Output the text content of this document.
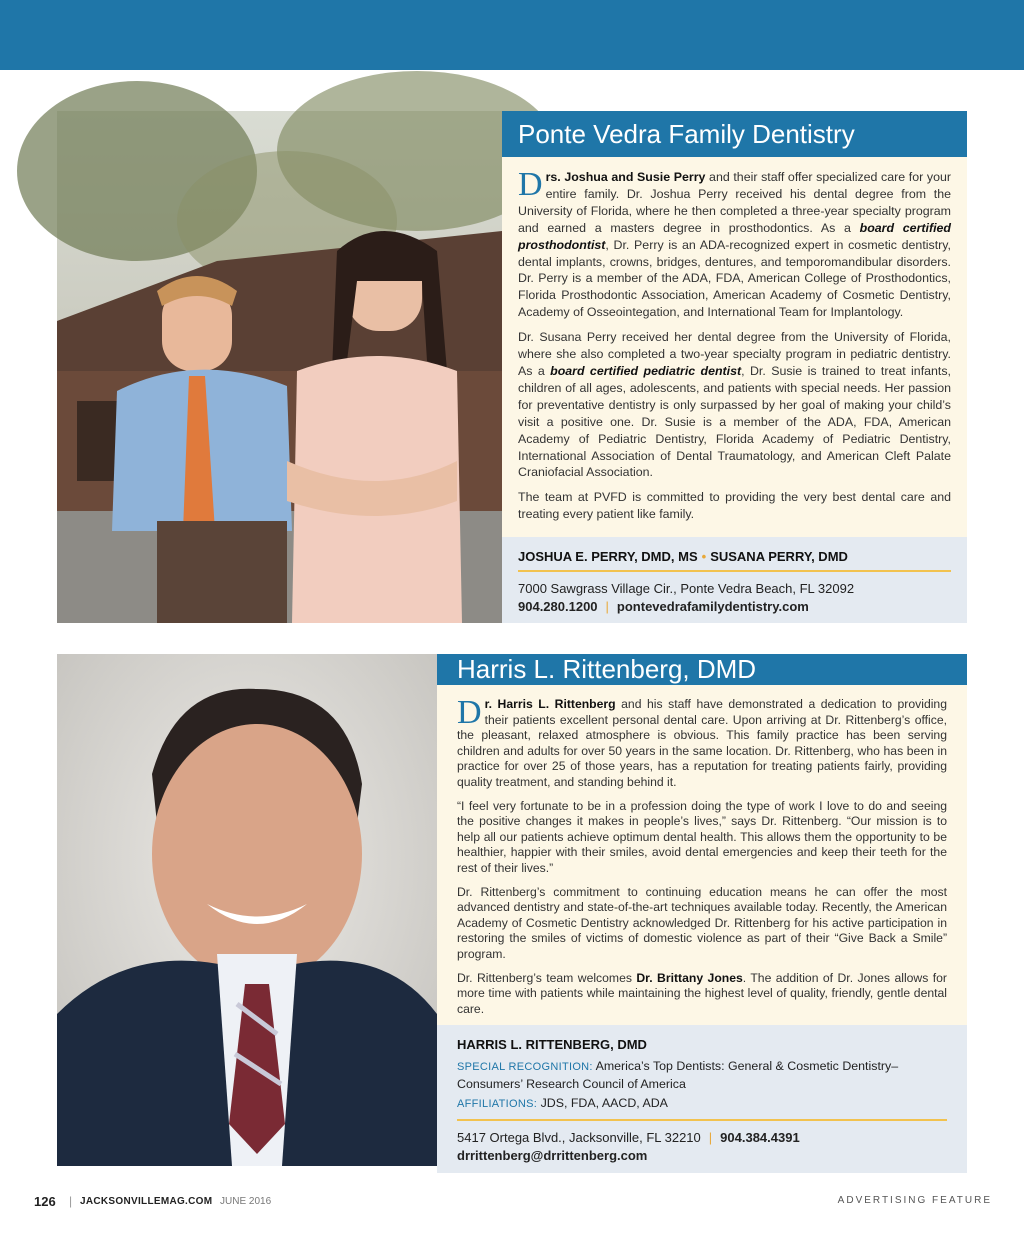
Ponte Vedra Family Dentistry

Drs. Joshua and Susie Perry and their staff offer specialized care for your entire family. Dr. Joshua Perry received his dental degree from the University of Florida, where he then completed a three-year specialty program and earned a masters degree in prosthodontics. As a board certified prosthodontist, Dr. Perry is an ADA-recognized expert in cosmetic dentistry, dental implants, crowns, bridges, dentures, and temporomandibular disorders. Dr. Perry is a member of the ADA, FDA, American College of Prosthodontics, Florida Prosthodontic Association, American Academy of Cosmetic Dentistry, Academy of Osseointegation, and International Team for Implantology.

Dr. Susana Perry received her dental degree from the University of Florida, where she also completed a two-year specialty program in pediatric dentistry. As a board certified pediatric dentist, Dr. Susie is trained to treat infants, children of all ages, adolescents, and patients with special needs. Her passion for preventative dentistry is only surpassed by her goal of making your child’s visit a positive one. Dr. Susie is a member of the ADA, FDA, American Academy of Pediatric Dentistry, Florida Academy of Pediatric Dentistry, International Association of Dental Traumatology, and American Cleft Palate Craniofacial Association.

The team at PVFD is committed to providing the very best dental care and treating every patient like family.

JOSHUA E. PERRY, DMD, MS • SUSANA PERRY, DMD
7000 Sawgrass Village Cir., Ponte Vedra Beach, FL 32092
904.280.1200 | pontevedrafamilydentistry.com
Harris L. Rittenberg, DMD

Dr. Harris L. Rittenberg and his staff have demonstrated a dedication to providing their patients excellent personal dental care. Upon arriving at Dr. Rittenberg’s office, the pleasant, relaxed atmosphere is obvious. This family practice has been serving children and adults for over 50 years in the same location. Dr. Rittenberg, who has been in practice for over 25 of those years, has a reputation for treating patients fairly, providing quality treatment, and standing behind it.

“I feel very fortunate to be in a profession doing the type of work I love to do and seeing the positive changes it makes in people’s lives,” says Dr. Rittenberg. “Our mission is to help all our patients achieve optimum dental health. This allows them the opportunity to be healthier, happier with their smiles, avoid dental emergencies and keep their teeth for the rest of their lives.”

Dr. Rittenberg’s commitment to continuing education means he can offer the most advanced dentistry and state-of-the-art techniques available today. Recently, the American Academy of Cosmetic Dentistry acknowledged Dr. Rittenberg for his active participation in restoring the smiles of victims of domestic violence as part of their “Give Back a Smile” program.

Dr. Rittenberg’s team welcomes Dr. Brittany Jones. The addition of Dr. Jones allows for more time with patients while maintaining the highest level of quality, friendly, gentle dental care.

HARRIS L. RITTENBERG, DMD
SPECIAL RECOGNITION: America’s Top Dentists: General & Cosmetic Dentistry–Consumers’ Research Council of America
AFFILIATIONS: JDS, FDA, AACD, ADA
5417 Ortega Blvd., Jacksonville, FL 32210 | 904.384.4391
drrittenberg@drrittenberg.com
126 | JACKSONVILLEMAG.COM JUNE 2016	ADVERTISING FEATURE
